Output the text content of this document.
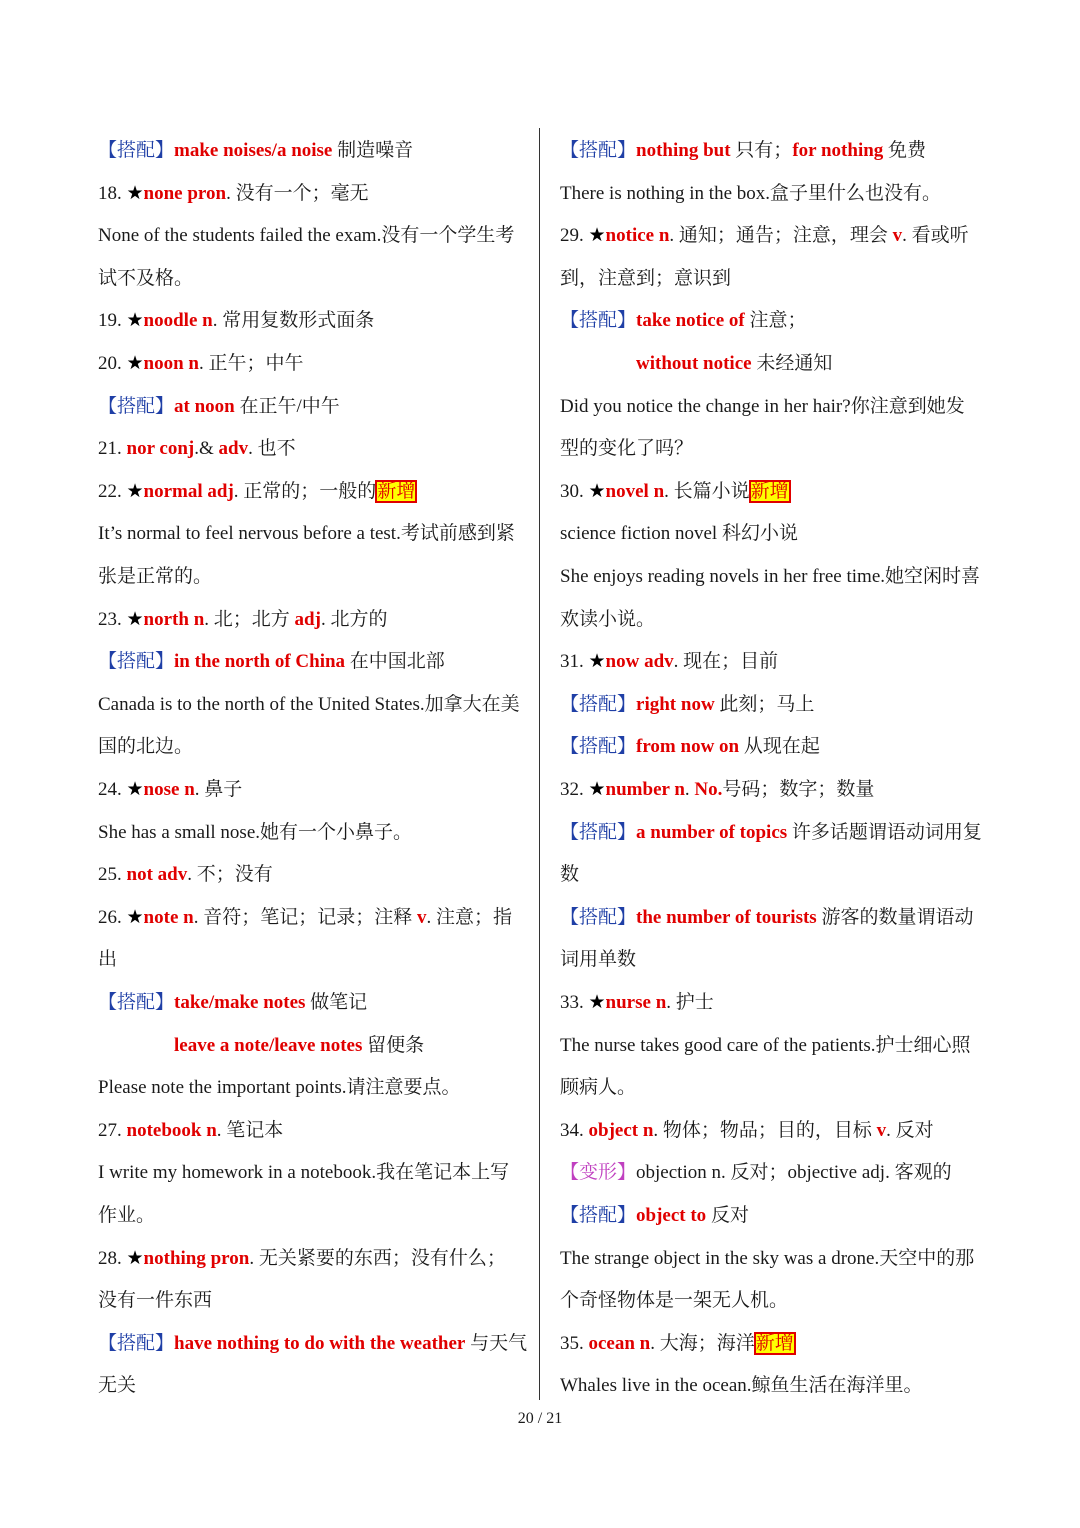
【搭配】make noises/a noise 制造噪音
18. ★none pron. 没有一个；毫无
None of the students failed the exam.没有一个学生考
试不及格。
19. ★noodle n. 常用复数形式面条
20. ★noon n. 正午；中午
【搭配】at noon 在正午/中午
21. nor conj.& adv. 也不
22. ★normal adj. 正常的；一般的新增
It’s normal to feel nervous before a test.考试前感到紧
张是正常的。
23. ★north n. 北；北方 adj. 北方的
【搭配】in the north of China 在中国北部
Canada is to the north of the United States.加拿大在美
国的北边。
24. ★nose n. 鼻子
She has a small nose.她有一个小鼻子。
25. not adv. 不；没有
26. ★note n. 音符；笔记；记录；注释 v. 注意；指
出
【搭配】take/make notes 做笔记
leave a note/leave notes 留便条
Please note the important points.请注意要点。
27. notebook n. 笔记本
I write my homework in a notebook.我在笔记本上写
作业。
28. ★nothing pron. 无关紧要的东西；没有什么；
没有一件东西
【搭配】have nothing to do with the weather 与天气
无关
【搭配】nothing but 只有；for nothing 免费
There is nothing in the box.盒子里什么也没有。
29. ★notice n. 通知；通告；注意，理会 v. 看或听
到，注意到；意识到
【搭配】take notice of 注意；
without notice 未经通知
Did you notice the change in her hair?你注意到她发
型的变化了吗？
30. ★novel n. 长篇小说新增
science fiction novel 科幻小说
She enjoys reading novels in her free time.她空闲时喜
欢读小说。
31. ★now adv. 现在；目前
【搭配】right now 此刻；马上
【搭配】from now on 从现在起
32. ★number n. No.号码；数字；数量
【搭配】a number of topics 许多话题谓语动词用复
数
【搭配】the number of tourists 游客的数量谓语动
词用单数
33. ★nurse n. 护士
The nurse takes good care of the patients.护士细心照
顾病人。
34. object n. 物体；物品；目的，目标 v. 反对
【变形】objection n. 反对；objective adj. 客观的
【搭配】object to 反对
The strange object in the sky was a drone.天空中的那
个奇怪物体是一架无人机。
35. ocean n. 大海；海洋新增
Whales live in the ocean.鲸鱼生活在海洋里。
20 / 21
